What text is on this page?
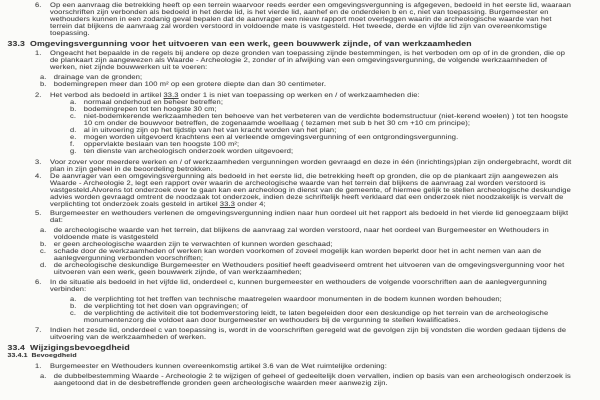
6.	Op een aanvraag die betrekking heeft op een terrein waarvoor reeds eerder een omgevingsvergunning is afgegeven, bedoeld in het eerste lid, waaraan voorschriften zijn verbonden als bedoeld in het derde lid, is het vierde lid, aanhef en de onderdelen b en c, niet van toepassing. Burgemeester en wethouders kunnen in een zodanig geval bepalen dat de aanvrager een nieuw rapport moet overleggen waarin de archeologische waarde van het terrein dat blijkens de aanvraag zal worden verstoord in voldoende mate is vastgesteld. Het tweede, derde en vijfde lid zijn van overeenkomstige toepassing.
33.3 Omgevingsvergunning voor het uitvoeren van een werk, geen bouwwerk zijnde, of van werkzaamheden
1.	Ongeacht het bepaalde in de regels bij andere op deze gronden van toepassing zijnde bestemmingen, is het verboden om op of in de gronden, die op de plankaart zijn aangewezen als Waarde - Archeologie 2, zonder of in afwijking van een omgevingsvergunning, de volgende werkzaamheden of werken, niet zijnde bouwwerken uit te voeren:
a.	drainage van de gronden;
b.	bodemingrepen meer dan 100 m² op een grotere diepte dan dan 30 centimeter.
2.	Het verbod als bedoeld in artikel 33.3 onder 1 is niet van toepassing op werken en / of werkzaamheden die:
a.	normaal onderhoud en beheer betreffen;
b.	bodemingrepen tot ten hoogste 30 cm;
c.	niet-bodemkerende werkzaamheden ten behoeve van het verbeteren van de verdichte bodemstructuur (niet-kerend woelen) ) tot ten hoogste 10 cm onder de bouwvoor betreffen, de zogenaamde woellaag ( tezamen met sub b het 30 cm +10 cm principe);
d.	al in uitvoering zijn op het tijdstip van het van kracht worden van het plan;
e.	mogen worden uitgevoerd krachtens een al verleende omgevingsvergunning of een ontgrondingsvergunning.
f.	oppervlakte beslaan van ten hoogste 100 m²;
g.	ten dienste van archeologisch onderzoek worden uitgevoerd;
3.	Voor zover voor meerdere werken en / of werkzaamheden vergunningen worden gevraagd en deze in één (inrichtings)plan zijn ondergebracht, wordt dit plan in zijn geheel in de beoordeling betrokken.
4.	De aanvrager van een omgevingsvergunning als bedoeld in het eerste lid, die betrekking heeft op gronden, die op de plankaart zijn aangewezen als Waarde - Archeologie 2, legt een rapport over waarin de archeologische waarde van het terrein dat blijkens de aanvraag zal worden verstoord is vastgesteld.Alvorens tot onderzoek over te gaan kan een archeoloog in dienst van de gemeente, of hiermee gelijk te stellen archeologische deskundige advies worden gevraagd omtrent de noodzaak tot onderzoek, indien deze schriftelijk heeft verklaard dat een onderzoek niet noodzakelijk is vervalt de verplichting tot onderzoek zoals gesteld in artikel 33.3 onder 4;
5.	Burgemeester en wethouders verlenen de omgevingsvergunning indien naar hun oordeel uit het rapport als bedoeld in het vierde lid genoegzaam blijkt dat:
a.	de archeologische waarde van het terrein, dat blijkens de aanvraag zal worden verstoord, naar het oordeel van Burgemeester en Wethouders in voldoende mate is vastgesteld
b.	er geen archeologische waarden zijn te verwachten of kunnen worden geschaad;
c.	schade door de werkzaamheden of werken kan worden voorkomen of zoveel mogelijk kan worden beperkt door het in acht nemen van aan de aanlegvergunning verbonden voorschriften;
d.	de archeologische deskundige Burgemeester en Wethouders positief heeft geadviseerd omtrent het uitvoeren van de omgevingsvergunning voor het uitvoeren van een werk, geen bouwwerk zijnde, of van werkzaamheden;
6.	In de situatie als bedoeld in het vijfde lid, onderdeel c, kunnen burgemeester en wethouders de volgende voorschriften aan de aanlegvergunning verbinden:
a.	de verplichting tot het treffen van technische maatregelen waardoor monumenten in de bodem kunnen worden behouden;
b.	de verplichting tot het doen van opgravingen; of
c.	de verplichting de activiteit die tot bodemverstoring leidt, te laten begeleiden door een deskundige op het terrein van de archeologische monumentenzorg die voldoet aan door burgemeester en wethouders bij de vergunning te stellen kwalificaties.
7.	Indien het zesde lid, onderdeel c van toepassing is, wordt in de voorschriften geregeld wat de gevolgen zijn bij vondsten die worden gedaan tijdens de uitvoering van de werkzaamheden of werken.
33.4 Wijzigingsbevoegdheid
33.4.1 Bevoegdheid
1.	Burgemeester en Wethouders kunnen overeenkomstig artikel 3.6 van de Wet ruimtelijke ordening:
a.	de dubbelbestemming Waarde - Archeologie 2 te wijzigen of geheel of gedeeltelijk doen vervallen, indien op basis van een archeologisch onderzoek is aangetoond dat in de desbetreffende gronden geen archeologische waarden meer aanwezig zijn.
